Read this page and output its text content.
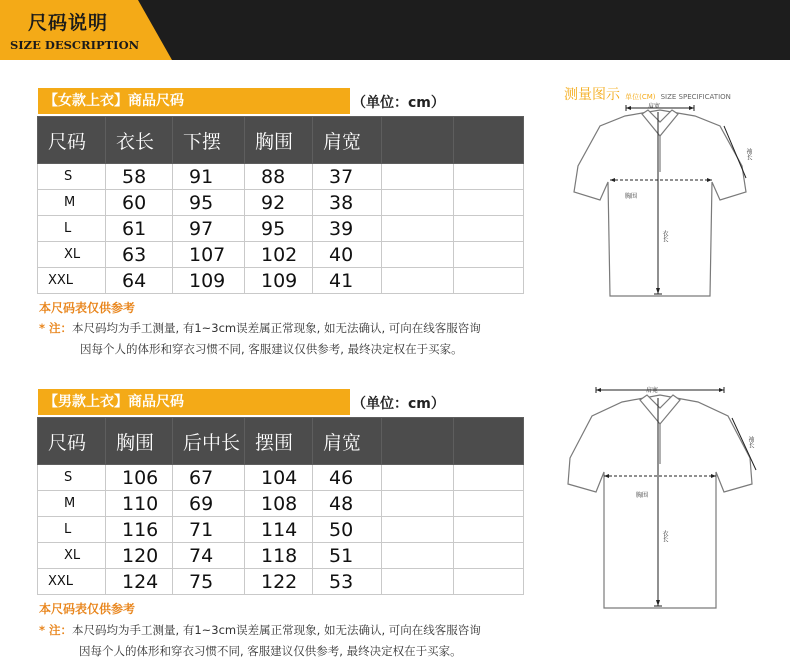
尺码说明
SIZE DESCRIPTION
【女款上衣】商品尺码	（单位：cm）
尺码	衣长	下摆	胸围	肩宽		
S	58	91	88	37		
M	60	95	92	38		
L	61	97	95	39		
XL	63	107	102	40		
XXL	64	109	109	41		
本尺码表仅供参考
* 注：本尺码均为手工测量, 有1~3cm误差属正常现象, 如无法确认, 可向在线客服咨询
因每个人的体形和穿衣习惯不同, 客服建议仅供参考, 最终决定权在于买家。
【男款上衣】商品尺码	（单位：cm）
尺码	胸围	后中长	摆围	肩宽		
S	106	67	104	46		
M	110	69	108	48		
L	116	71	114	50		
XL	120	74	118	51		
XXL	124	75	122	53		
本尺码表仅供参考
* 注：本尺码均为手工测量, 有1~3cm误差属正常现象, 如无法确认, 可向在线客服咨询
因每个人的体形和穿衣习惯不同, 客服建议仅供参考, 最终决定权在于买家。
测量图示 单位(CM) SIZE SPECIFICATION
肩宽
袖长
胸围
衣长
肩宽
袖长
胸围
衣长
